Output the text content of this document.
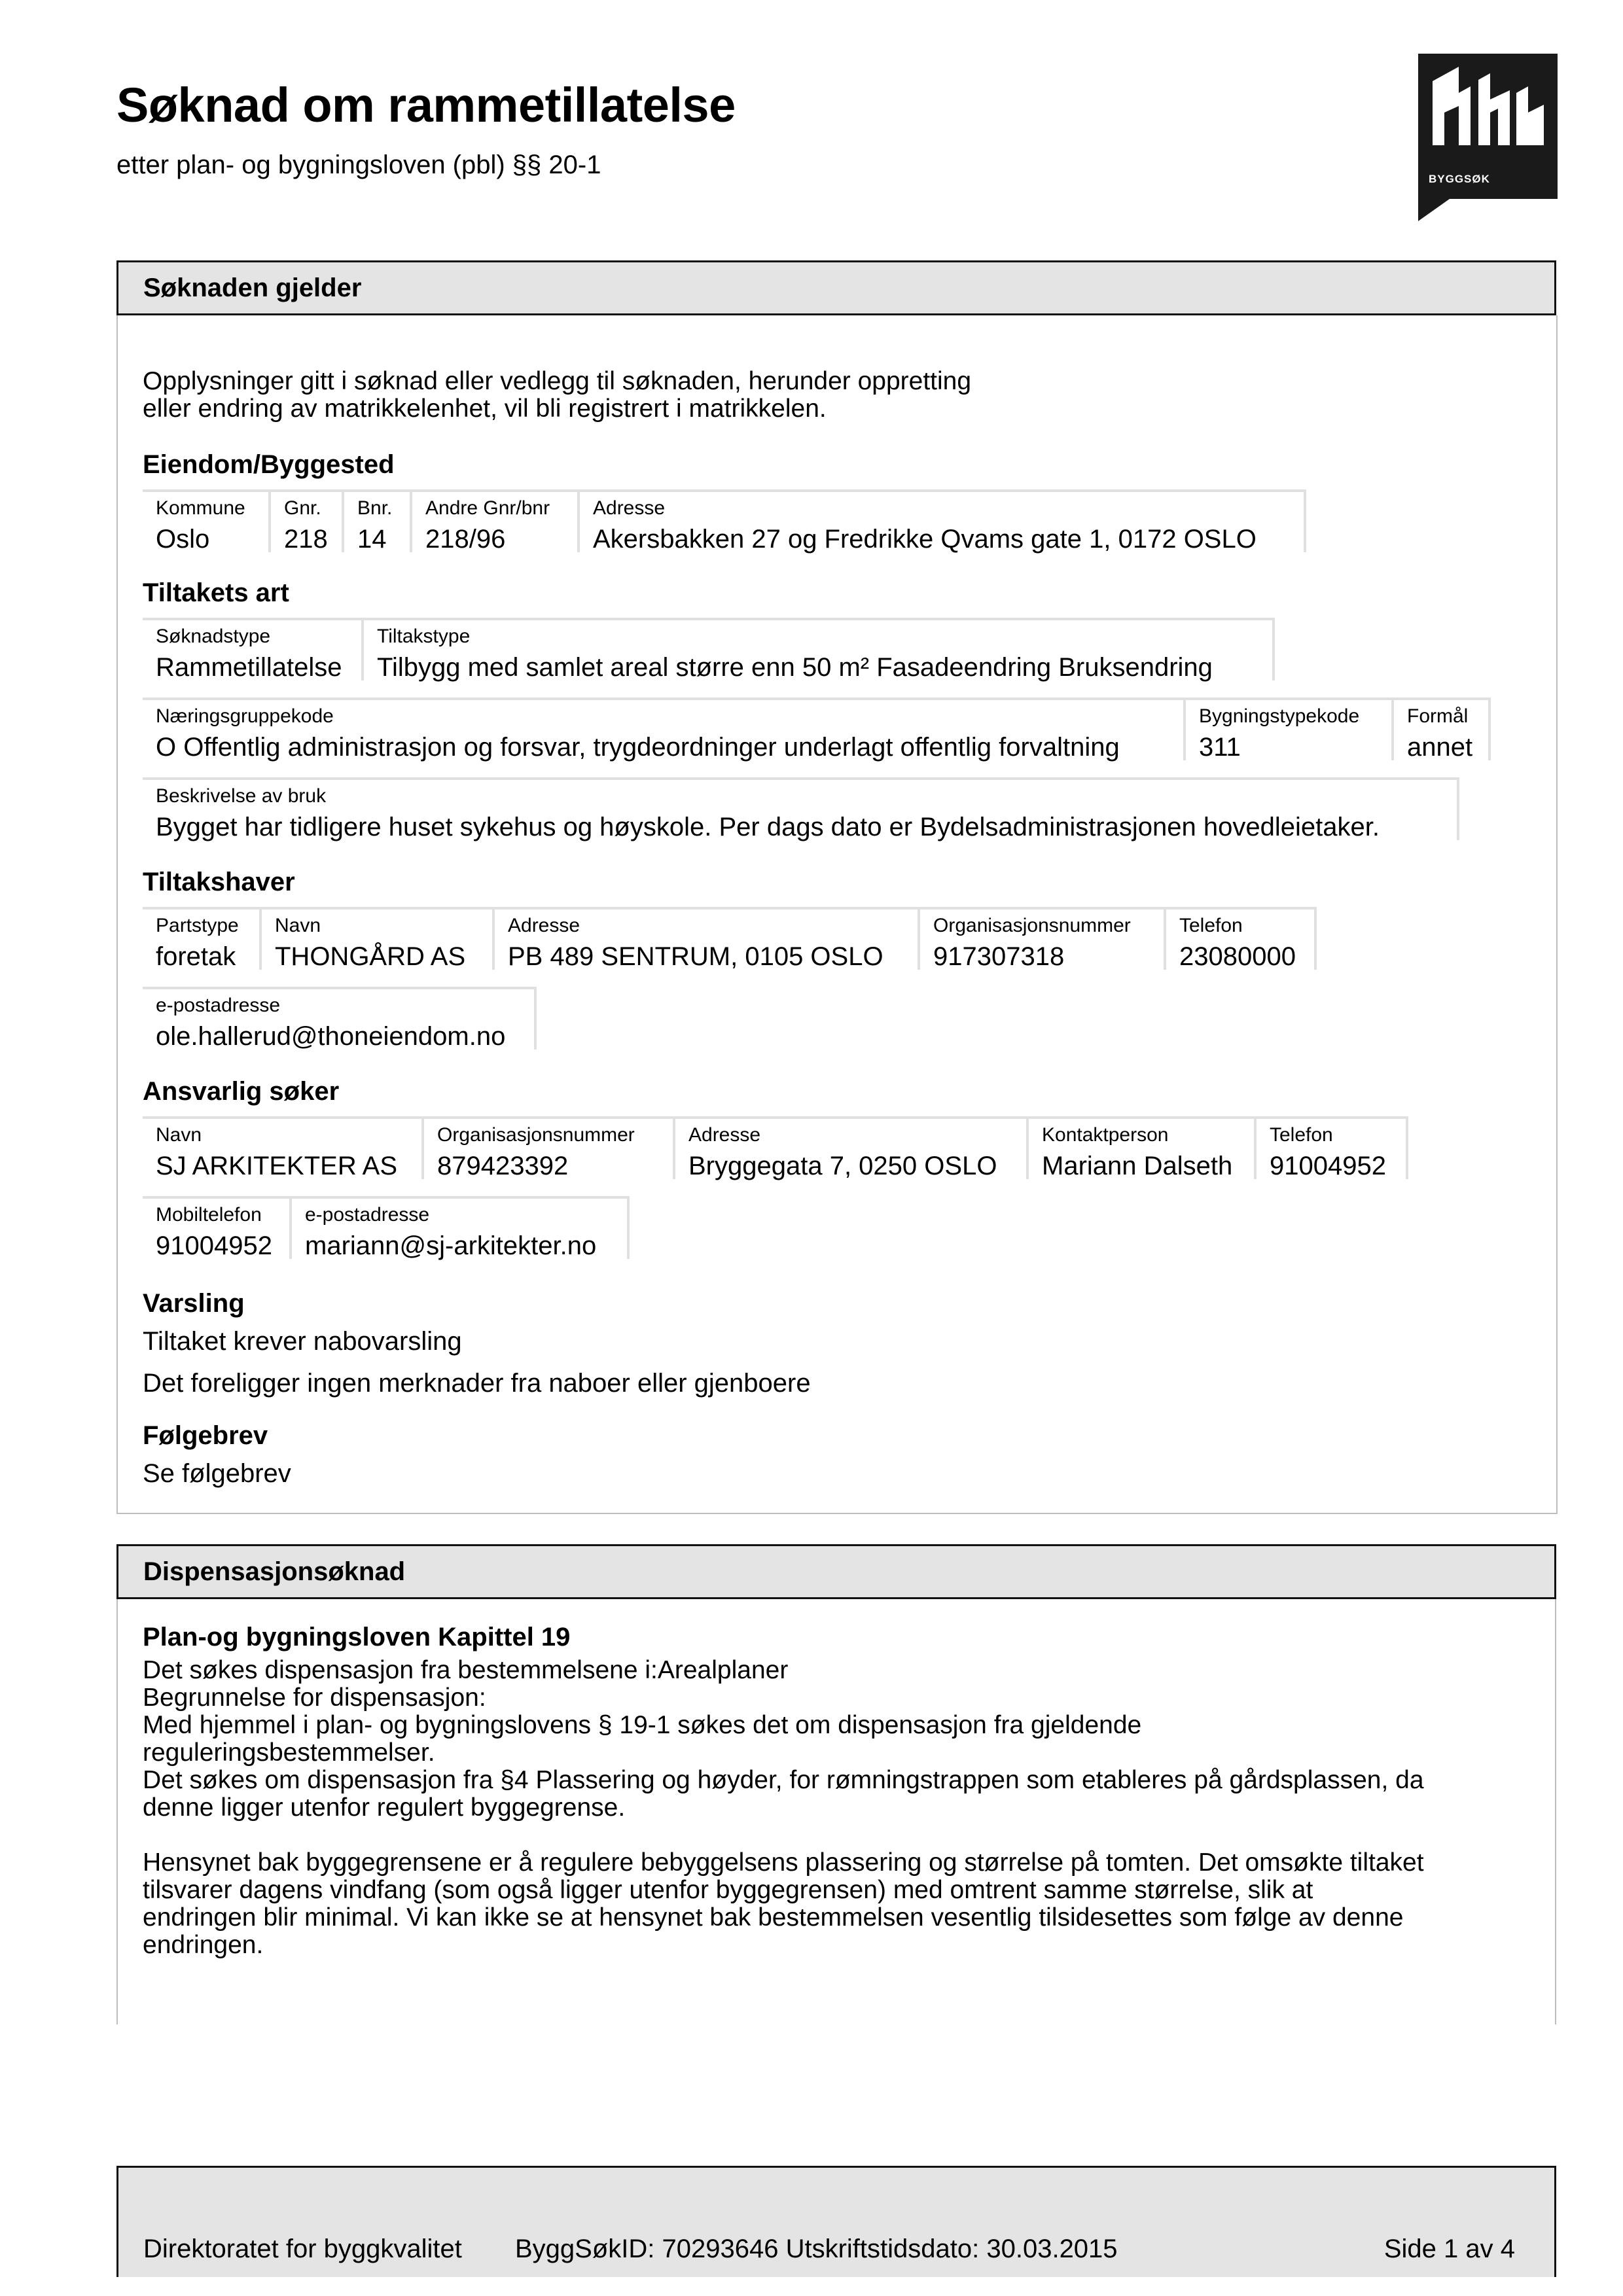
Søknad om rammetillatelse
etter plan- og bygningsloven (pbl) §§ 20-1	BYGGSØK
Søknaden gjelder
Opplysninger gitt i søknad eller vedlegg til søknaden, herunder oppretting
eller endring av matrikkelenhet, vil bli registrert i matrikkelen.
Eiendom/Byggested
Kommune
Oslo
Gnr.
218
Bnr.
14
Andre Gnr/bnr
218/96
Adresse
Akersbakken 27 og Fredrikke Qvams gate 1, 0172 OSLO
Tiltakets art
Søknadstype
Rammetillatelse
Tiltakstype
Tilbygg med samlet areal større enn 50 m² Fasadeendring Bruksendring
Næringsgruppekode
O Offentlig administrasjon og forsvar, trygdeordninger underlagt offentlig forvaltning
Bygningstypekode
311
Formål
annet
Beskrivelse av bruk
Bygget har tidligere huset sykehus og høyskole. Per dags dato er Bydelsadministrasjonen hovedleietaker.
Tiltakshaver
Partstype
foretak
Navn
THONGÅRD AS
Adresse
PB 489 SENTRUM, 0105 OSLO
Organisasjonsnummer
917307318
Telefon
23080000
e-postadresse
ole.hallerud@thoneiendom.no
Ansvarlig søker
Navn
SJ ARKITEKTER AS
Organisasjonsnummer
879423392
Adresse
Bryggegata 7, 0250 OSLO
Kontaktperson
Mariann Dalseth
Telefon
91004952
Mobiltelefon
91004952
e-postadresse
mariann@sj-arkitekter.no
Varsling
Tiltaket krever nabovarsling
Det foreligger ingen merknader fra naboer eller gjenboere
Følgebrev
Se følgebrev
Dispensasjonsøknad
Plan-og bygningsloven Kapittel 19
Det søkes dispensasjon fra bestemmelsene i:Arealplaner
Begrunnelse for dispensasjon:
Med hjemmel i plan- og bygningslovens § 19-1 søkes det om dispensasjon fra gjeldende
reguleringsbestemmelser.
Det søkes om dispensasjon fra §4 Plassering og høyder, for rømningstrappen som etableres på gårdsplassen, da
denne ligger utenfor regulert byggegrense.

Hensynet bak byggegrensene er å regulere bebyggelsens plassering og størrelse på tomten. Det omsøkte tiltaket
tilsvarer dagens vindfang (som også ligger utenfor byggegrensen) med omtrent samme størrelse, slik at
endringen blir minimal. Vi kan ikke se at hensynet bak bestemmelsen vesentlig tilsidesettes som følge av denne
endringen.
Direktoratet for byggkvalitet ByggSøkID: 70293646 Utskriftstidsdato: 30.03.2015	Side 1 av 4
